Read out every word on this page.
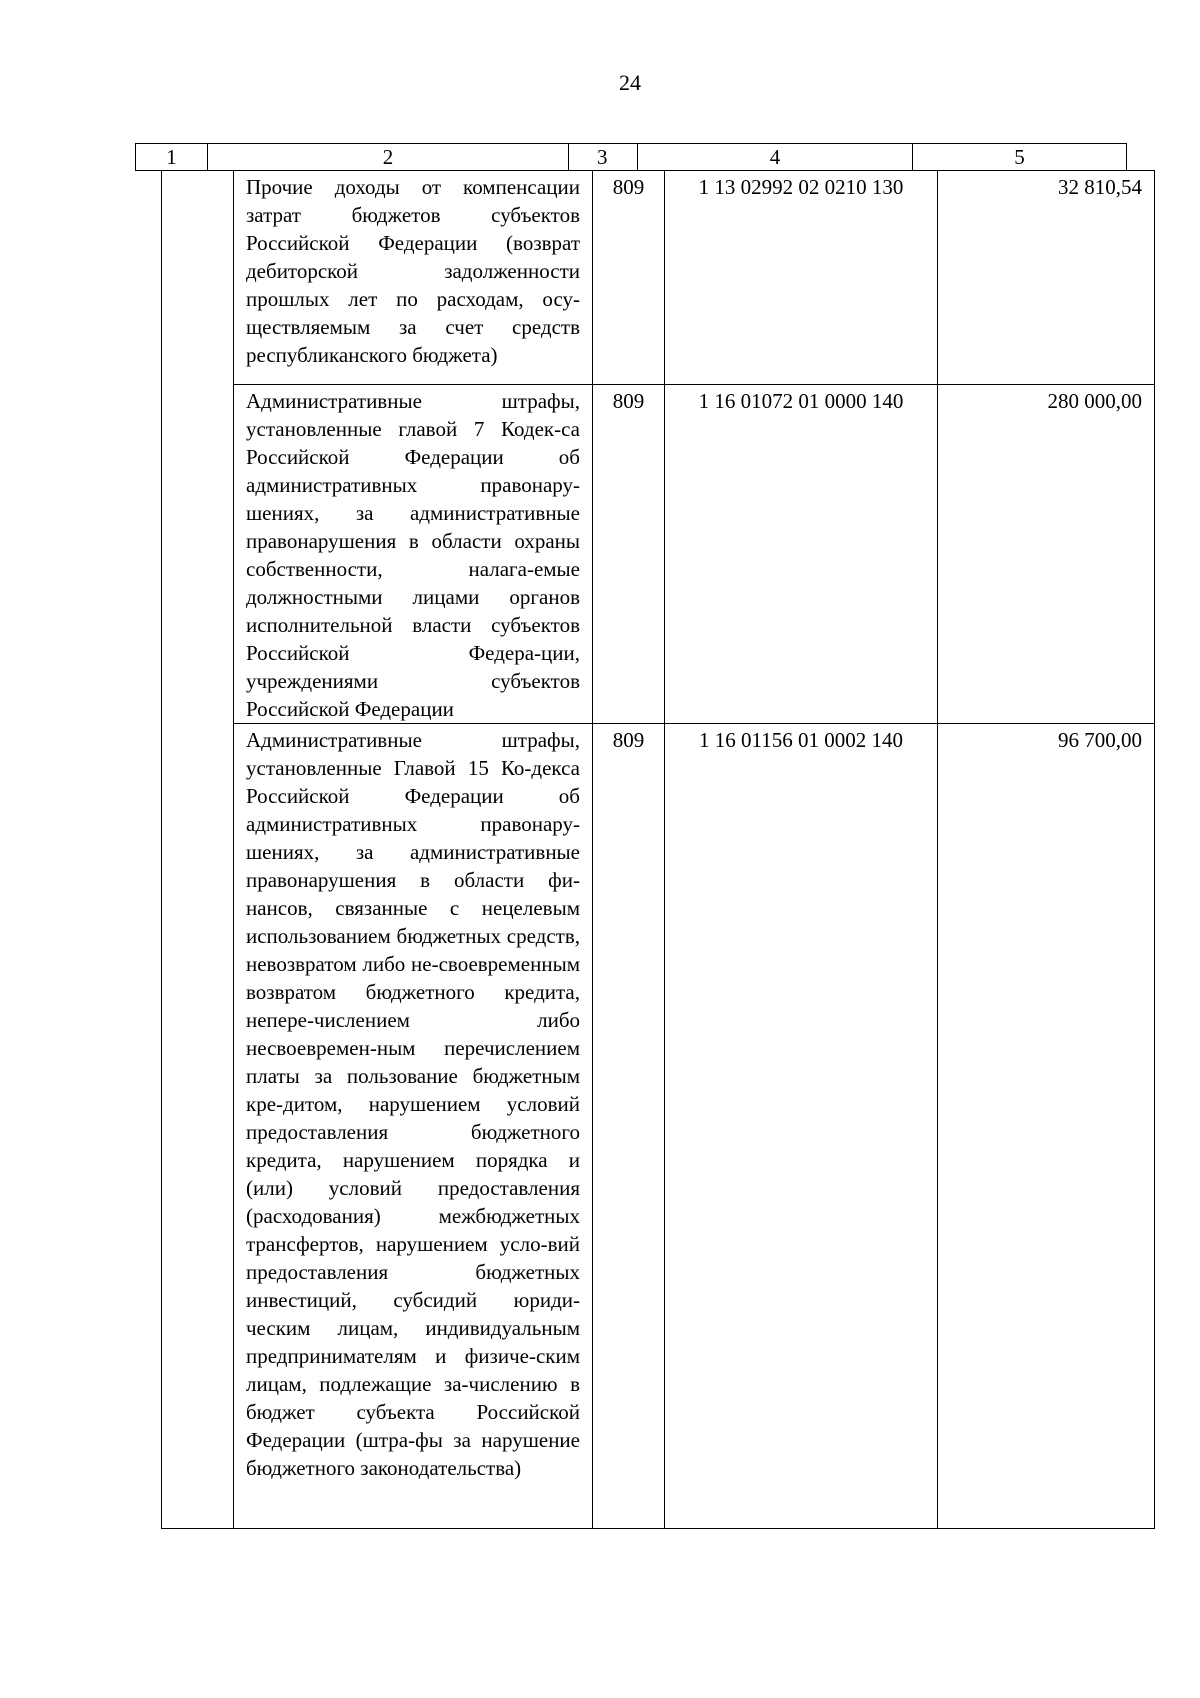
24
1	2	3	4	5
	Прочие доходы от компенсации затрат бюджетов субъектов Российской Федерации (возврат дебиторской задолженности прошлых лет по расходам, осу-ществляемым за счет средств республиканского бюджета)	809	1 13 02992 02 0210 130	32 810,54
	Административные штрафы, установленные главой 7 Кодек-са Российской Федерации об административных правонару-шениях, за административные правонарушения в области охраны собственности, налага-емые должностными лицами органов исполнительной власти субъектов Российской Федера-ции, учреждениями субъектов Российской Федерации	809	1 16 01072 01 0000 140	280 000,00
	Административные штрафы, установленные Главой 15 Ко-декса Российской Федерации об административных правонару-шениях, за административные правонарушения в области фи-нансов, связанные с нецелевым использованием бюджетных средств, невозвратом либо не-своевременным возвратом бюджетного кредита, непере-числением либо несвоевремен-ным перечислением платы за пользование бюджетным кре-дитом, нарушением условий предоставления бюджетного кредита, нарушением порядка и (или) условий предоставления (расходования) межбюджетных трансфертов, нарушением усло-вий предоставления бюджетных инвестиций, субсидий юриди-ческим лицам, индивидуальным предпринимателям и физиче-ским лицам, подлежащие за-числению в бюджет субъекта Российской Федерации (штра-фы за нарушение бюджетного законодательства)	809	1 16 01156 01 0002 140	96 700,00
